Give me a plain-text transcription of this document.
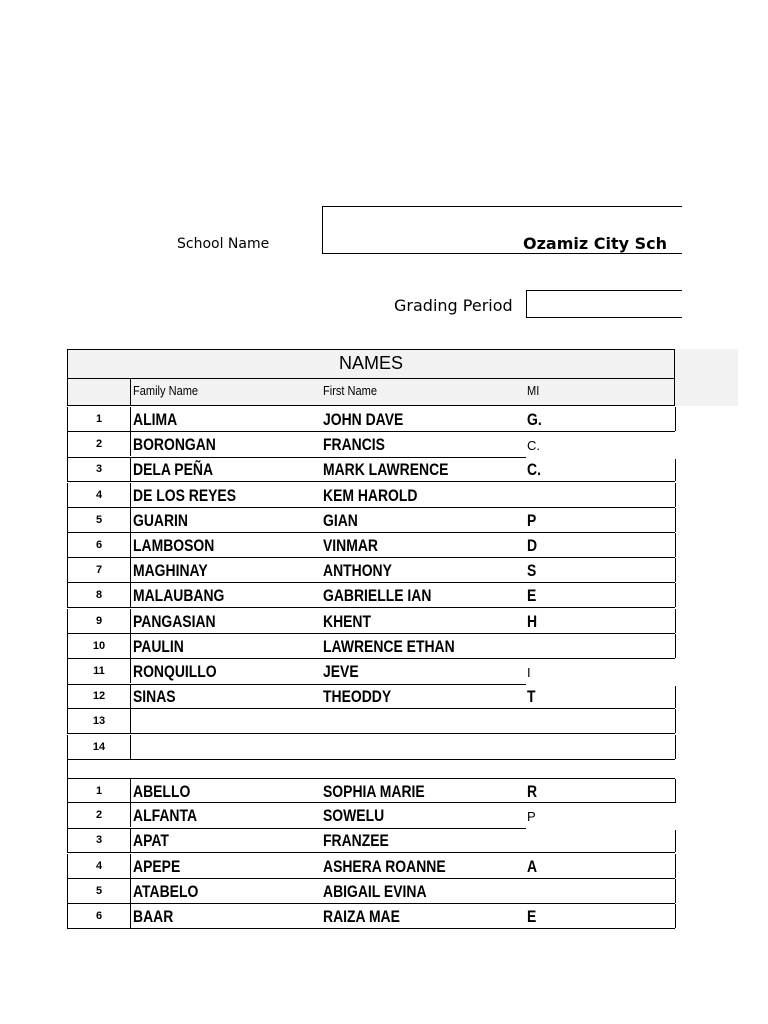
School Name	Ozamiz City Sch
Grading Period
NAMES
Family Name	First Name	MI
1	ALIMA	JOHN DAVE	G.
2	BORONGAN	FRANCIS	C.
3	DELA PEÑA	MARK LAWRENCE	C.
4	DE LOS REYES	KEM HAROLD
5	GUARIN	GIAN	P
6	LAMBOSON	VINMAR	D
7	MAGHINAY	ANTHONY	S
8	MALAUBANG	GABRIELLE IAN	E
9	PANGASIAN	KHENT	H
10	PAULIN	LAWRENCE ETHAN
11	RONQUILLO	JEVE	I
12	SINAS	THEODDY	T
13
14
1	ABELLO	SOPHIA MARIE	R
2	ALFANTA	SOWELU	P
3	APAT	FRANZEE
4	APEPE	ASHERA ROANNE	A
5	ATABELO	ABIGAIL EVINA
6	BAAR	RAIZA MAE	E
